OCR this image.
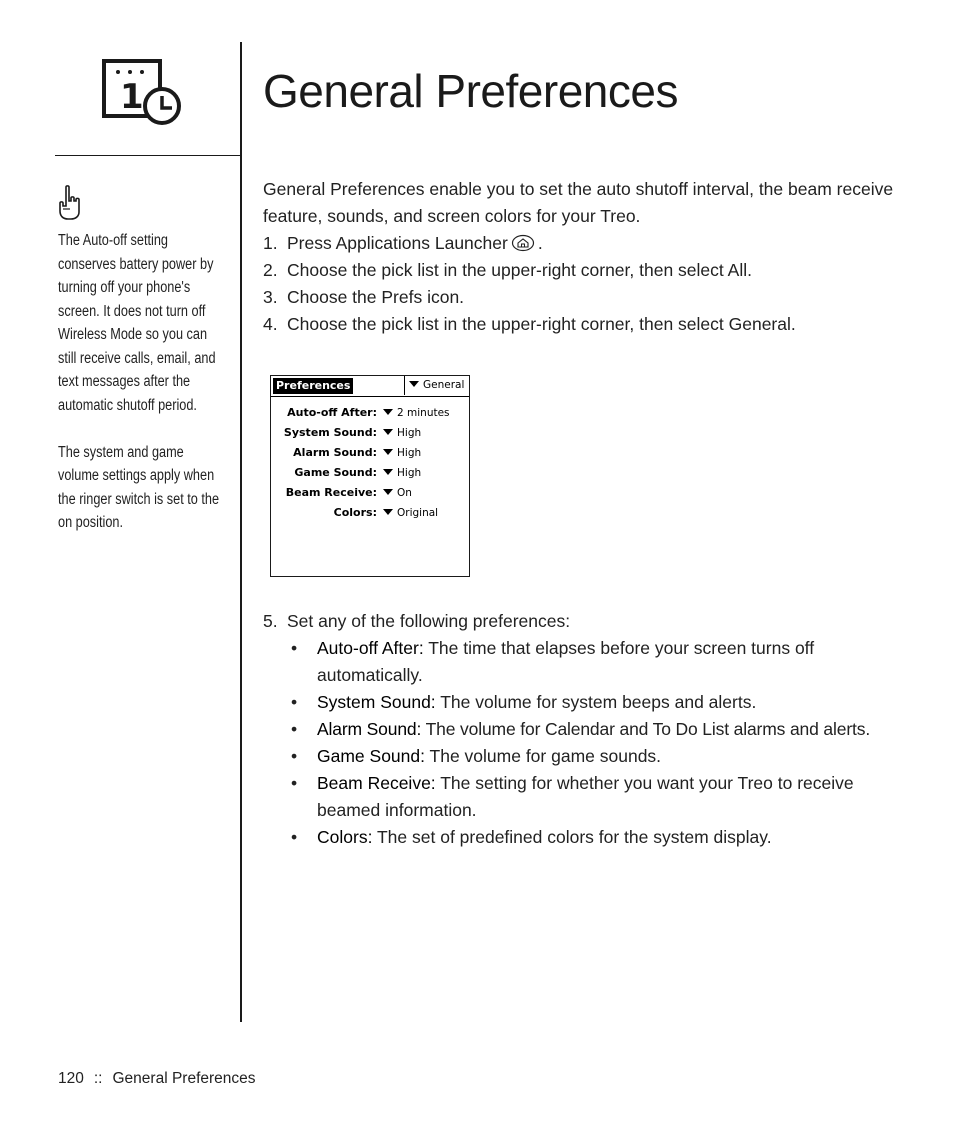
1	General Preferences

The Auto-off setting conserves battery power by turning off your phone's screen. It does not turn off Wireless Mode so you can still receive calls, email, and text messages after the automatic shutoff period.

The system and game volume settings apply when the ringer switch is set to the on position.

General Preferences enable you to set the auto shutoff interval, the beam receive feature, sounds, and screen colors for your Treo.

1. Press Applications Launcher .
2. Choose the pick list in the upper-right corner, then select All.
3. Choose the Prefs icon.
4. Choose the pick list in the upper-right corner, then select General.
Preferences	General
Auto-off After:	2 minutes
System Sound:	High
Alarm Sound:	High
Game Sound:	High
Beam Receive:	On
Colors:	Original
5. Set any of the following preferences:
•	Auto-off After: The time that elapses before your screen turns off automatically.
•	System Sound: The volume for system beeps and alerts.
•	Alarm Sound: The volume for Calendar and To Do List alarms and alerts.
•	Game Sound: The volume for game sounds.
•	Beam Receive: The setting for whether you want your Treo to receive beamed information.
•	Colors: The set of predefined colors for the system display.
120 :: General Preferences
